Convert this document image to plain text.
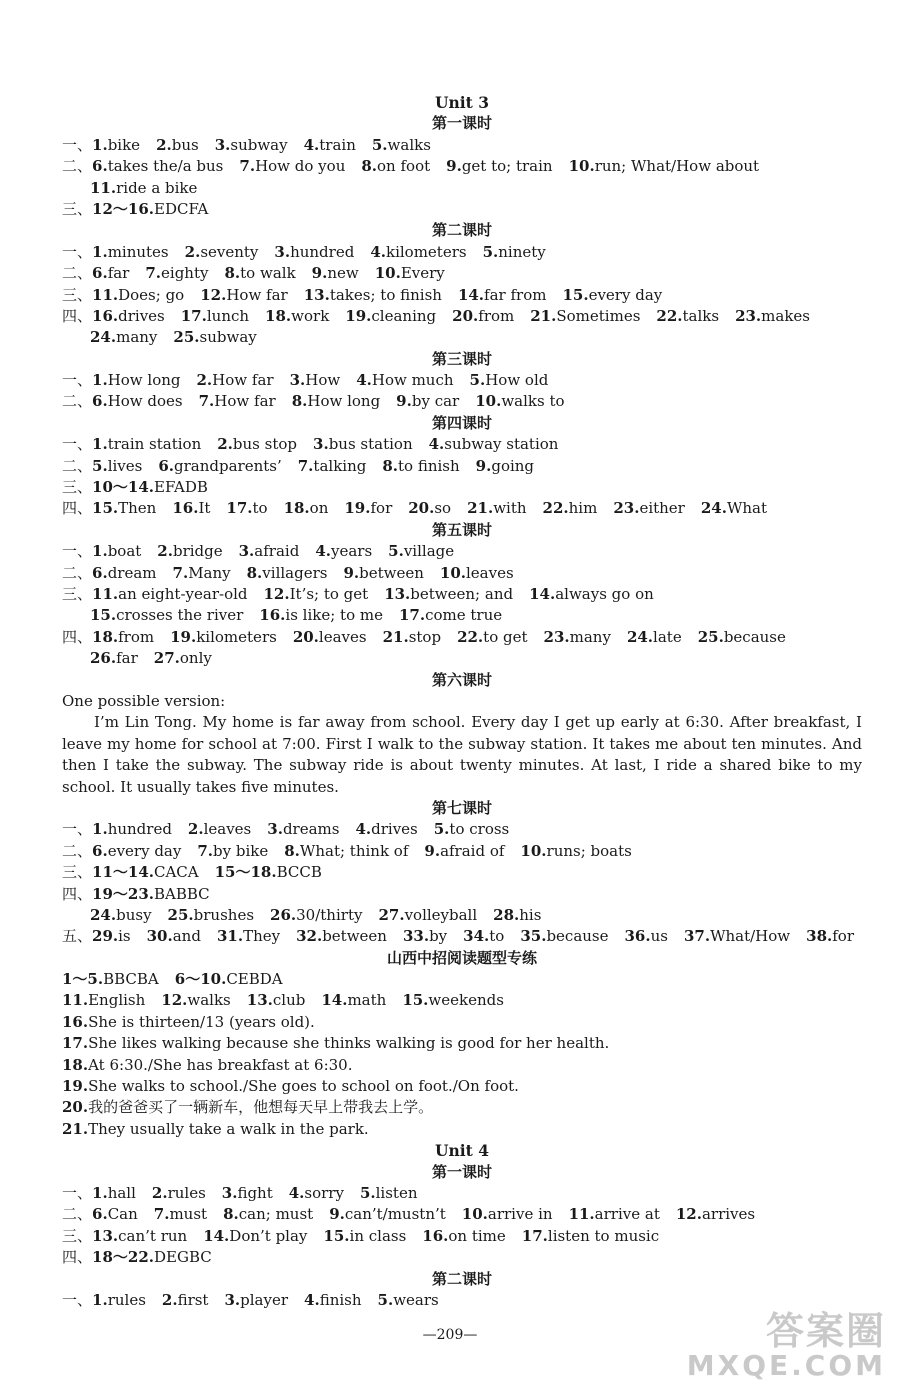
Unit 3
第一课时
一、1.bike 2.bus 3.subway 4.train 5.walks
二、6.takes the/a bus 7.How do you 8.on foot 9.get to; train 10.run; What/How about
11.ride a bike
三、12～16.EDCFA
第二课时
一、1.minutes 2.seventy 3.hundred 4.kilometers 5.ninety
二、6.far 7.eighty 8.to walk 9.new 10.Every
三、11.Does; go 12.How far 13.takes; to finish 14.far from 15.every day
四、16.drives 17.lunch 18.work 19.cleaning 20.from 21.Sometimes 22.talks 23.makes
24.many 25.subway
第三课时
一、1.How long 2.How far 3.How 4.How much 5.How old
二、6.How does 7.How far 8.How long 9.by car 10.walks to
第四课时
一、1.train station 2.bus stop 3.bus station 4.subway station
二、5.lives 6.grandparents’ 7.talking 8.to finish 9.going
三、10～14.EFADB
四、15.Then 16.It 17.to 18.on 19.for 20.so 21.with 22.him 23.either 24.What
第五课时
一、1.boat 2.bridge 3.afraid 4.years 5.village
二、6.dream 7.Many 8.villagers 9.between 10.leaves
三、11.an eight-year-old 12.It’s; to get 13.between; and 14.always go on
15.crosses the river 16.is like; to me 17.come true
四、18.from 19.kilometers 20.leaves 21.stop 22.to get 23.many 24.late 25.because
26.far 27.only
第六课时
One possible version:
I’m Lin Tong. My home is far away from school. Every day I get up early at 6:30. After breakfast, I leave my home for school at 7:00. First I walk to the subway station. It takes me about ten minutes. And then I take the subway. The subway ride is about twenty minutes. At last, I ride a shared bike to my school. It usually takes five minutes.
第七课时
一、1.hundred 2.leaves 3.dreams 4.drives 5.to cross
二、6.every day 7.by bike 8.What; think of 9.afraid of 10.runs; boats
三、11～14.CACA 15～18.BCCB
四、19～23.BABBC
24.busy 25.brushes 26.30/thirty 27.volleyball 28.his
五、29.is 30.and 31.They 32.between 33.by 34.to 35.because 36.us 37.What/How 38.for
山西中招阅读题型专练
1～5.BBCBA 6～10.CEBDA
11.English 12.walks 13.club 14.math 15.weekends
16.She is thirteen/13 (years old).
17.She likes walking because she thinks walking is good for her health.
18.At 6:30./She has breakfast at 6:30.
19.She walks to school./She goes to school on foot./On foot.
20.我的爸爸买了一辆新车，他想每天早上带我去上学。
21.They usually take a walk in the park.
Unit 4
第一课时
一、1.hall 2.rules 3.fight 4.sorry 5.listen
二、6.Can 7.must 8.can; must 9.can’t/mustn’t 10.arrive in 11.arrive at 12.arrives
三、13.can’t run 14.Don’t play 15.in class 16.on time 17.listen to music
四、18～22.DEGBC
第二课时
一、1.rules 2.first 3.player 4.finish 5.wears
—209—	答案圈
MXQE.COM
